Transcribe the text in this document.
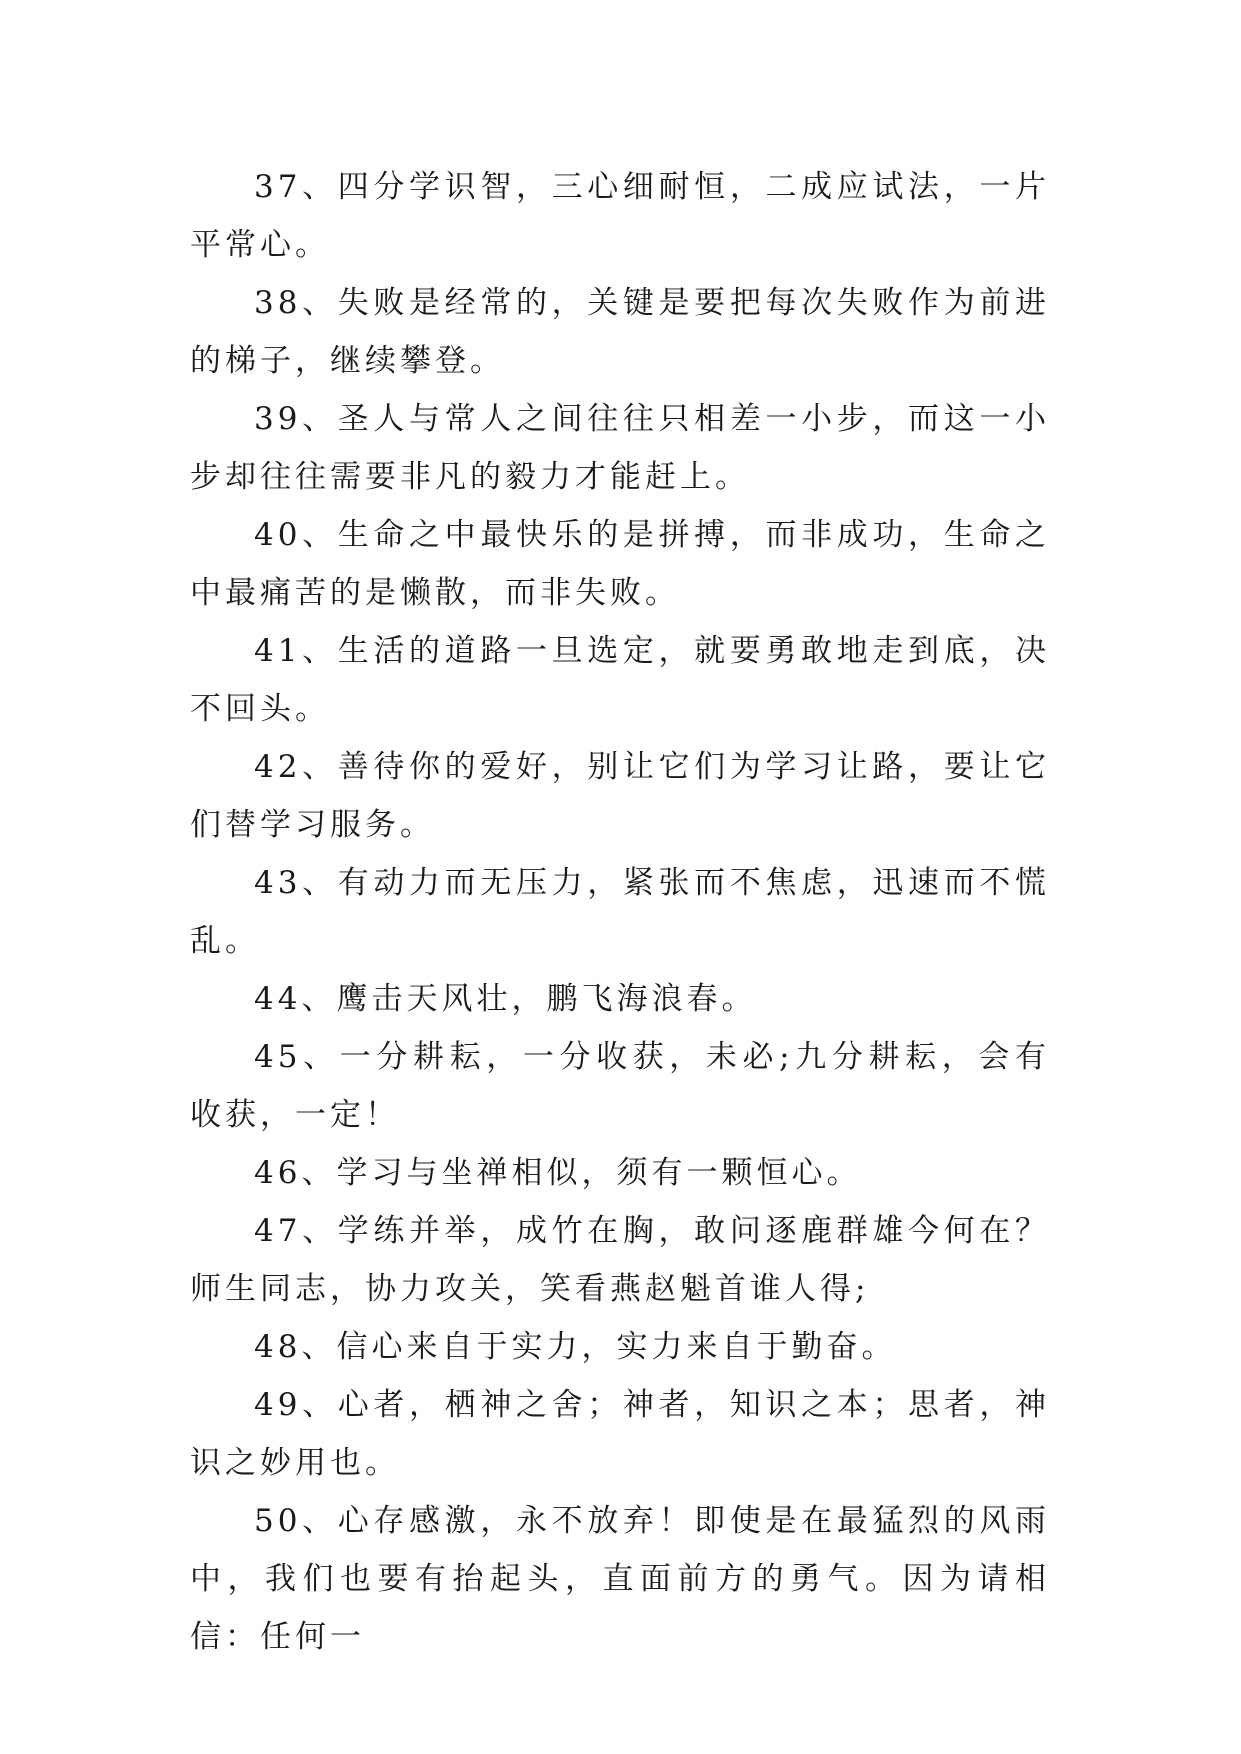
37、四分学识智，三心细耐恒，二成应试法，一片平常心。

38、失败是经常的，关键是要把每次失败作为前进的梯子，继续攀登。

39、圣人与常人之间往往只相差一小步，而这一小步却往往需要非凡的毅力才能赶上。

40、生命之中最快乐的是拼搏，而非成功，生命之中最痛苦的是懒散，而非失败。

41、生活的道路一旦选定，就要勇敢地走到底，决不回头。

42、善待你的爱好，别让它们为学习让路，要让它们替学习服务。

43、有动力而无压力，紧张而不焦虑，迅速而不慌乱。

44、鹰击天风壮，鹏飞海浪春。

45、一分耕耘，一分收获，未必;九分耕耘，会有收获，一定！

46、学习与坐禅相似，须有一颗恒心。

47、学练并举，成竹在胸，敢问逐鹿群雄今何在？师生同志，协力攻关，笑看燕赵魁首谁人得;

48、信心来自于实力，实力来自于勤奋。

49、心者，栖神之舍；神者，知识之本；思者，神识之妙用也。

50、心存感激，永不放弃！即使是在最猛烈的风雨中，我们也要有抬起头，直面前方的勇气。因为请相信：任何一
